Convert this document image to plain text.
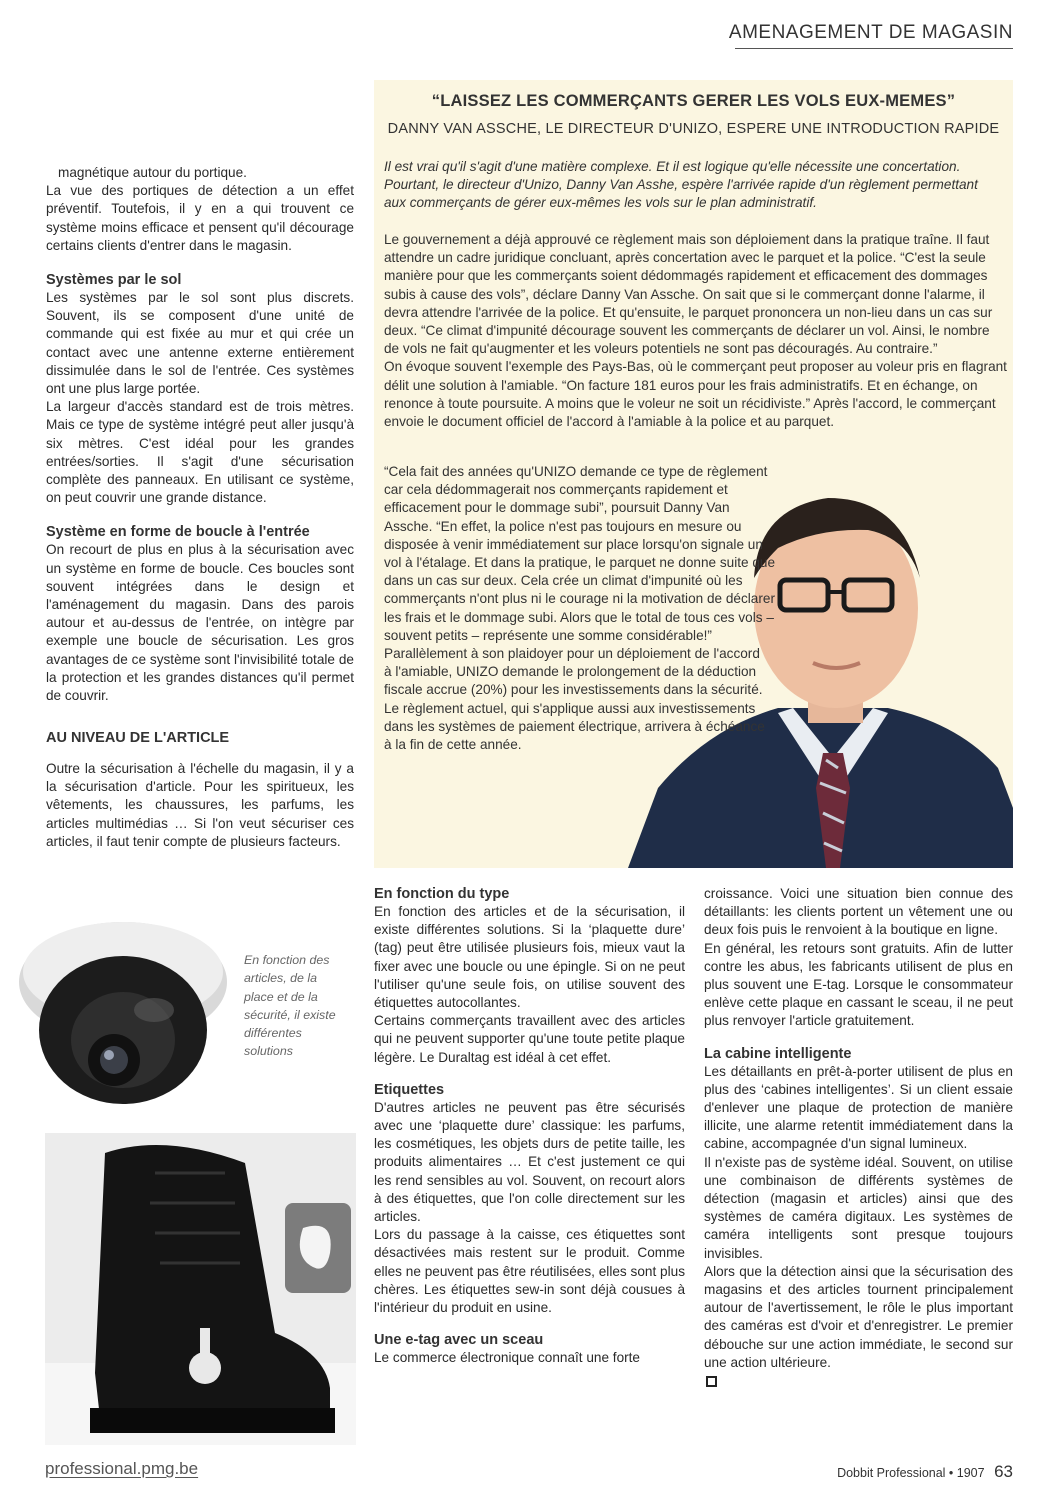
AMENAGEMENT DE MAGASIN

magnétique autour du portique.

La vue des portiques de détection a un effet préventif. Toutefois, il y en a qui trouvent ce système moins efficace et pensent qu'il décourage certains clients d'entrer dans le magasin.

Systèmes par le sol

Les systèmes par le sol sont plus discrets. Souvent, ils se composent d'une unité de commande qui est fixée au mur et qui crée un contact avec une antenne externe entièrement dissimulée dans le sol de l'entrée. Ces systèmes ont une plus large portée.

La largeur d'accès standard est de trois mètres. Mais ce type de système intégré peut aller jusqu'à six mètres. C'est idéal pour les grandes entrées/sorties. Il s'agit d'une sécurisation complète des panneaux. En utilisant ce système, on peut couvrir une grande distance.

Système en forme de boucle à l'entrée

On recourt de plus en plus à la sécurisation avec un système en forme de boucle. Ces boucles sont souvent intégrées dans le design et l'aménagement du magasin. Dans des parois autour et au-dessus de l'entrée, on intègre par exemple une boucle de sécurisation. Les gros avantages de ce système sont l'invisibilité totale de la protection et les grandes distances qu'il permet de couvrir.

AU NIVEAU DE L'ARTICLE
Outre la sécurisation à l'échelle du magasin, il y a la sécurisation d'article. Pour les spiritueux, les vêtements, les chaussures, les parfums, les articles multimédias … Si l'on veut sécuriser ces articles, il faut tenir compte de plusieurs facteurs.
“LAISSEZ LES COMMERÇANTS GERER LES VOLS EUX-MEMES”
DANNY VAN ASSCHE, LE DIRECTEUR D'UNIZO, ESPERE UNE INTRODUCTION RAPIDE
Il est vrai qu'il s'agit d'une matière complexe. Et il est logique qu'elle nécessite une concertation. Pourtant, le directeur d'Unizo, Danny Van Asshe, espère l'arrivée rapide d'un règlement permettant aux commerçants de gérer eux-mêmes les vols sur le plan administratif.

Le gouvernement a déjà approuvé ce règlement mais son déploiement dans la pratique traîne. Il faut attendre un cadre juridique concluant, après concertation avec le parquet et la police. “C'est la seule manière pour que les commerçants soient dédommagés rapidement et efficacement des dommages subis à cause des vols”, déclare Danny Van Assche. On sait que si le commerçant donne l'alarme, il devra attendre l'arrivée de la police. Et qu'ensuite, le parquet prononcera un non-lieu dans un cas sur deux. “Ce climat d'impunité décourage souvent les commerçants de déclarer un vol. Ainsi, le nombre de vols ne fait qu'augmenter et les voleurs potentiels ne sont pas découragés. Au contraire.”

On évoque souvent l'exemple des Pays-Bas, où le commerçant peut proposer au voleur pris en flagrant délit une solution à l'amiable. “On facture 181 euros pour les frais administratifs. Et en échange, on renonce à toute poursuite. A moins que le voleur ne soit un récidiviste.” Après l'accord, le commerçant envoie le document officiel de l'accord à l'amiable à la police et au parquet.

“Cela fait des années qu'UNIZO demande ce type de règlement car cela dédommagerait nos commerçants rapidement et efficacement pour le dommage subi”, poursuit Danny Van Assche. “En effet, la police n'est pas toujours en mesure ou disposée à venir immédiatement sur place lorsqu'on signale un vol à l'étalage. Et dans la pratique, le parquet ne donne suite que dans un cas sur deux. Cela crée un climat d'impunité où les commerçants n'ont plus ni le courage ni la motivation de déclarer les frais et le dommage subi. Alors que le total de tous ces vols – souvent petits – représente une somme considérable!”

Parallèlement à son plaidoyer pour un déploiement de l'accord à l'amiable, UNIZO demande le prolongement de la déduction fiscale accrue (20%) pour les investissements dans la sécurité. Le règlement actuel, qui s'applique aussi aux investissements dans les systèmes de paiement électrique, arrivera à échéance à la fin de cette année.

En fonction des articles, de la place et de la sécurité, il existe différentes solutions
En fonction du type

En fonction des articles et de la sécurisation, il existe différentes solutions. Si la ‘plaquette dure’ (tag) peut être utilisée plusieurs fois, mieux vaut la fixer avec une boucle ou une épingle. Si on ne peut l'utiliser qu'une seule fois, on utilise souvent des étiquettes autocollantes.

Certains commerçants travaillent avec des articles qui ne peuvent supporter qu'une toute petite plaque légère. Le Duraltag est idéal à cet effet.

Etiquettes

D'autres articles ne peuvent pas être sécurisés avec une ‘plaquette dure’ classique: les parfums, les cosmétiques, les objets durs de petite taille, les produits alimentaires … Et c'est justement ce qui les rend sensibles au vol. Souvent, on recourt alors à des étiquettes, que l'on colle directement sur les articles.

Lors du passage à la caisse, ces étiquettes sont désactivées mais restent sur le produit. Comme elles ne peuvent pas être réutilisées, elles sont plus chères. Les étiquettes sew-in sont déjà cousues à l'intérieur du produit en usine.

Une e-tag avec un sceau

Le commerce électronique connaît une forte

croissance. Voici une situation bien connue des détaillants: les clients portent un vêtement une ou deux fois puis le renvoient à la boutique en ligne.

En général, les retours sont gratuits. Afin de lutter contre les abus, les fabricants utilisent de plus en plus souvent une E-tag. Lorsque le consommateur enlève cette plaque en cassant le sceau, il ne peut plus renvoyer l'article gratuitement.

La cabine intelligente

Les détaillants en prêt-à-porter utilisent de plus en plus des ‘cabines intelligentes’. Si un client essaie d'enlever une plaque de protection de manière illicite, une alarme retentit immédiatement dans la cabine, accompagnée d'un signal lumineux.

Il n'existe pas de système idéal. Souvent, on utilise une combinaison de différents systèmes de détection (magasin et articles) ainsi que des systèmes de caméra digitaux. Les systèmes de caméra intelligents sont presque toujours invisibles.

Alors que la détection ainsi que la sécurisation des magasins et des articles tournent principalement autour de l'avertissement, le rôle le plus important des caméras est d'voir et d'enregistrer. Le premier débouche sur une action immédiate, le second sur une action ultérieure.

professional.pmg.be	Dobbit Professional • 1907 63
